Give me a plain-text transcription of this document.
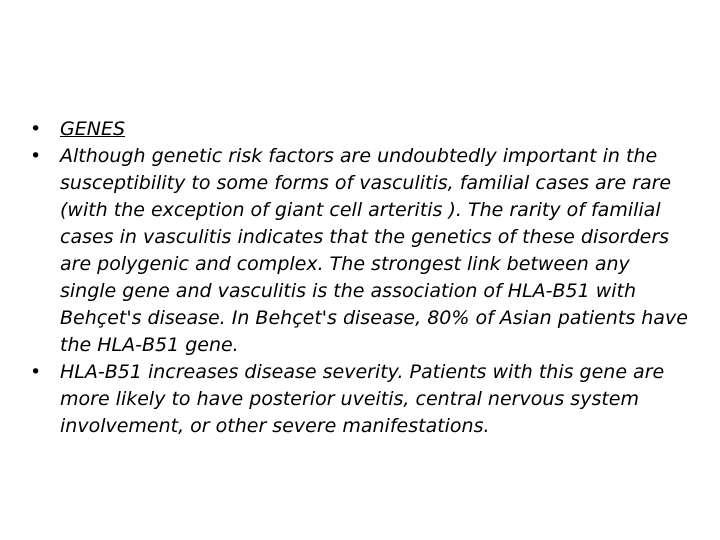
• GENES
• Although genetic risk factors are undoubtedly important in the susceptibility to some forms of vasculitis, familial cases are rare (with the exception of giant cell arteritis ). The rarity of familial cases in vasculitis indicates that the genetics of these disorders are polygenic and complex. The strongest link between any single gene and vasculitis is the association of HLA-B51 with Behçet's disease. In Behçet's disease, 80% of Asian patients have the HLA-B51 gene.
• HLA-B51 increases disease severity. Patients with this gene are more likely to have posterior uveitis, central nervous system involvement, or other severe manifestations.
